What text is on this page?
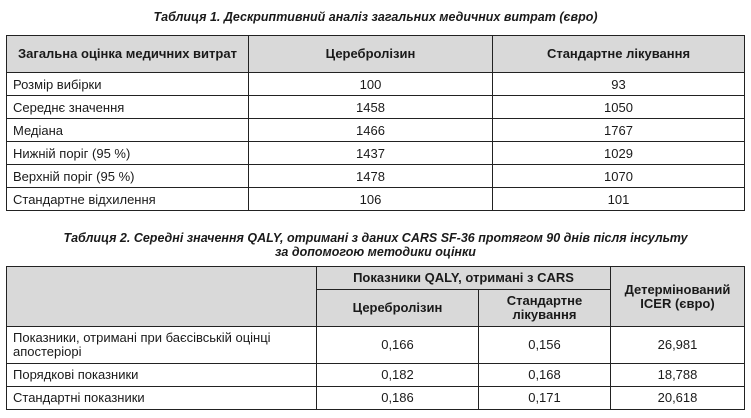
Таблиця 1. Дескриптивний аналіз загальних медичних витрат (євро)
Загальна оцінка медичних витрат	Церебролізин	Стандартне лікування
Розмір вибірки	100	93
Середнє значення	1458	1050
Медіана	1466	1767
Нижній поріг (95 %)	1437	1029
Верхній поріг (95 %)	1478	1070
Стандартне відхилення	106	101
Таблиця 2. Середні значення QALY, отримані з даних CARS SF-36 протягом 90 днів після інсульту
за допомогою методики оцінки
	Показники QALY, отримані з CARS		Детермінований ICER (євро)
	Церебролізин	Стандартне лікування	

Показники, отримані при баєсівській оцінці апостеріорі	0,166	0,156	26,981
Порядкові показники	0,182	0,168	18,788
Стандартні показники	0,186	0,171	20,618
